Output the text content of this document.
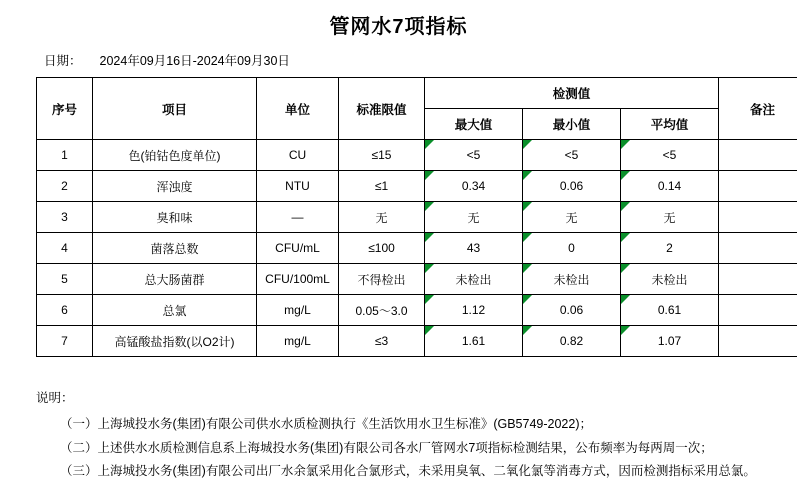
管网水7项指标
日期： 2024年09月16日-2024年09月30日
序号	项目	单位	标准限值	检测值			备注
				最大值	最小值	平均值	
1	色(铂钴色度单位)	CU	≤15	<5	<5	<5	
2	浑浊度	NTU	≤1	0.34	0.06	0.14	
3	臭和味	—	无	无	无	无	
4	菌落总数	CFU/mL	≤100	43	0	2	
5	总大肠菌群	CFU/100mL	不得检出	未检出	未检出	未检出	
6	总氯	mg/L	0.05～3.0	1.12	0.06	0.61	
7	高锰酸盐指数(以O2计)	mg/L	≤3	1.61	0.82	1.07	

说明：

（一）上海城投水务(集团)有限公司供水水质检测执行《生活饮用水卫生标准》(GB5749-2022)；

（二）上述供水水质检测信息系上海城投水务(集团)有限公司各水厂管网水7项指标检测结果，公布频率为每两周一次；

（三）上海城投水务(集团)有限公司出厂水余氯采用化合氯形式，未采用臭氧、二氧化氯等消毒方式，因而检测指标采用总氯。
